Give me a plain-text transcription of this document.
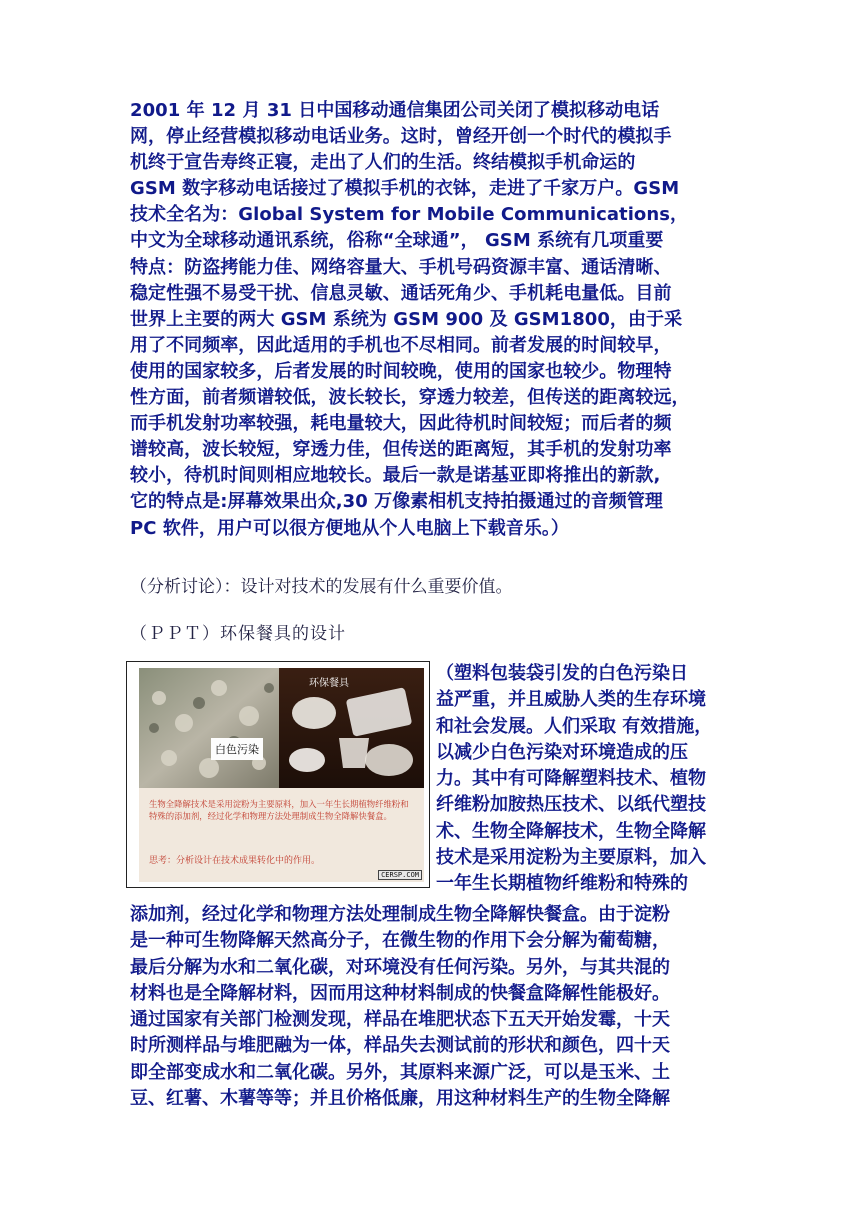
2001 年 12 月 31 日中国移动通信集团公司关闭了模拟移动电话
网，停止经营模拟移动电话业务。这时，曾经开创一个时代的模拟手
机终于宣告寿终正寝，走出了人们的生活。终结模拟手机命运的
GSM 数字移动电话接过了模拟手机的衣钵，走进了千家万户。GSM
技术全名为：Global System for Mobile Communications，
中文为全球移动通讯系统，俗称“全球通”， GSM 系统有几项重要
特点：防盗拷能力佳、网络容量大、手机号码资源丰富、通话清晰、
稳定性强不易受干扰、信息灵敏、通话死角少、手机耗电量低。目前
世界上主要的两大 GSM 系统为 GSM 900 及 GSM1800，由于采
用了不同频率，因此适用的手机也不尽相同。前者发展的时间较早，
使用的国家较多，后者发展的时间较晚，使用的国家也较少。物理特
性方面，前者频谱较低，波长较长，穿透力较差，但传送的距离较远，
而手机发射功率较强，耗电量较大，因此待机时间较短；而后者的频
谱较高，波长较短，穿透力佳，但传送的距离短，其手机的发射功率
较小，待机时间则相应地较长。最后一款是诺基亚即将推出的新款,
它的特点是:屏幕效果出众,30 万像素相机支持拍摄通过的音频管理
PC 软件，用户可以很方便地从个人电脑上下载音乐。）
（分析讨论）：设计对技术的发展有什么重要价值。
（ＰＰＴ）环保餐具的设计
环保餐具
白色污染
生物全降解技术是采用淀粉为主要原料，加入一年生长期植物纤维粉和特殊的添加剂，经过化学和物理方法处理制成生物全降解快餐盒。
思考：分析设计在技术成果转化中的作用。
CERSP.COM
（塑料包装袋引发的白色污染日
益严重，并且威胁人类的生存环境
和社会发展。人们采取 有效措施，
以减少白色污染对环境造成的压
力。其中有可降解塑料技术、植物
纤维粉加胺热压技术、以纸代塑技
术、生物全降解技术，生物全降解
技术是采用淀粉为主要原料，加入
一年生长期植物纤维粉和特殊的
添加剂，经过化学和物理方法处理制成生物全降解快餐盒。由于淀粉
是一种可生物降解天然高分子，在微生物的作用下会分解为葡萄糖，
最后分解为水和二氧化碳，对环境没有任何污染。另外，与其共混的
材料也是全降解材料，因而用这种材料制成的快餐盒降解性能极好。
通过国家有关部门检测发现，样品在堆肥状态下五天开始发霉，十天
时所测样品与堆肥融为一体，样品失去测试前的形状和颜色，四十天
即全部变成水和二氧化碳。另外，其原料来源广泛，可以是玉米、土
豆、红薯、木薯等等；并且价格低廉，用这种材料生产的生物全降解
